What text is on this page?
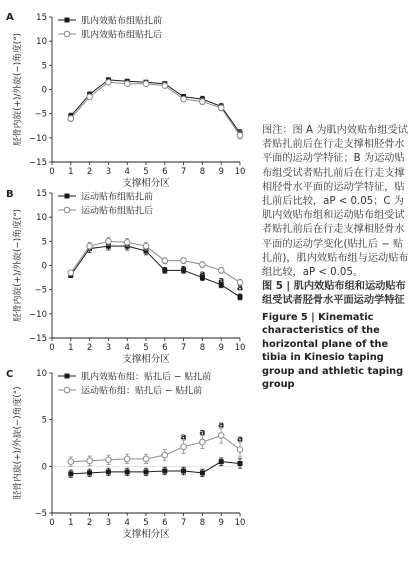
A
−15
−10
−5
0
5
10
15
0 1 2 3 4 5 6 7 8 9 10
支撑相分区
胫骨内旋(+)/外旋(−)角度(°)
肌内效贴布组贴扎前
肌内效贴布组贴扎后
B
−15
−10
−5
0
5
10
15
0 1 2 3 4 5 6 7 8 9 10
支撑相分区
胫骨内旋(+)/外旋(−)角度(°)
运动贴布组贴扎前
运动贴布组贴扎后
a
a
a
a
C
−5
0
5
10
0 1 2 3 4 5 6 7 8 9 10
支撑相分区
胫骨内旋(+)/外旋(−)角度(°)
肌内效贴布组：贴扎后 − 贴扎前
运动贴布组：贴扎后 − 贴扎前
a a
a
a

图注：图 A 为肌内效贴布组受试者贴扎前后在行走支撑相胫骨水平面的运动学特征；B 为运动贴布组受试者贴扎前后在行走支撑相胫骨水平面的运动学特征，贴扎前后比较，aP < 0.05；C 为肌内效贴布组和运动贴布组受试者贴扎前后在行走支撑相胫骨水平面的运动学变化(贴扎后 − 贴扎前)，肌内效贴布组与运动贴布组比较，aP < 0.05。

图 5 | 肌内效贴布组和运动贴布组受试者胫骨水平面运动学特征

Figure 5 | Kinematic characteristics of the horizontal plane of the tibia in Kinesio taping group and athletic taping group
